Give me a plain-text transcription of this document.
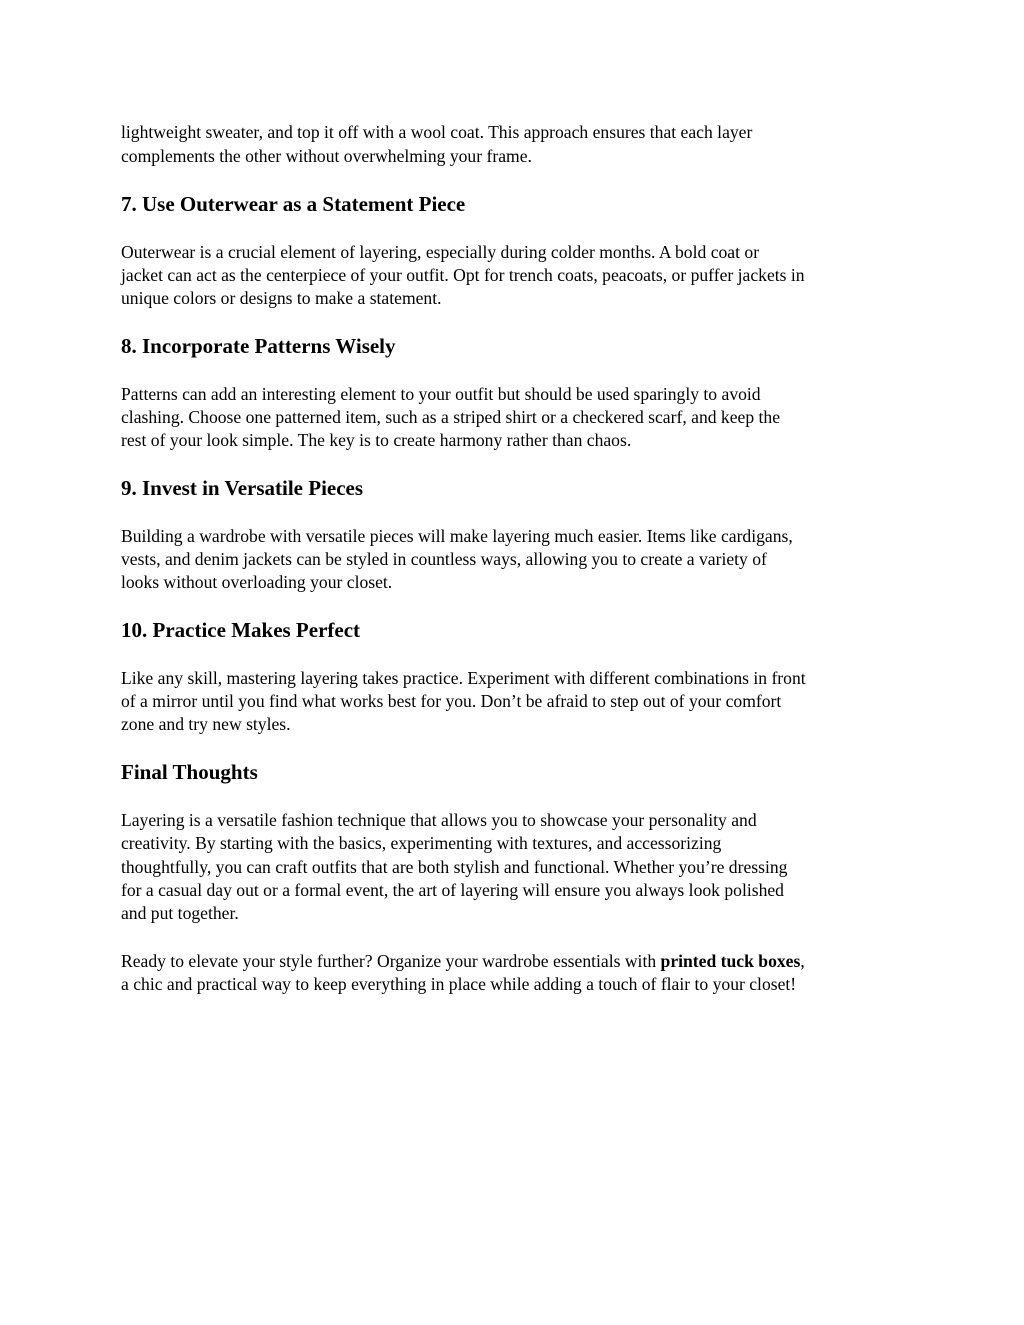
lightweight sweater, and top it off with a wool coat. This approach ensures that each layer

complements the other without overwhelming your frame.

7. Use Outerwear as a Statement Piece

Outerwear is a crucial element of layering, especially during colder months. A bold coat or

jacket can act as the centerpiece of your outfit. Opt for trench coats, peacoats, or puffer jackets in

unique colors or designs to make a statement.

8. Incorporate Patterns Wisely

Patterns can add an interesting element to your outfit but should be used sparingly to avoid

clashing. Choose one patterned item, such as a striped shirt or a checkered scarf, and keep the

rest of your look simple. The key is to create harmony rather than chaos.

9. Invest in Versatile Pieces

Building a wardrobe with versatile pieces will make layering much easier. Items like cardigans,

vests, and denim jackets can be styled in countless ways, allowing you to create a variety of

looks without overloading your closet.

10. Practice Makes Perfect

Like any skill, mastering layering takes practice. Experiment with different combinations in front

of a mirror until you find what works best for you. Don’t be afraid to step out of your comfort

zone and try new styles.

Final Thoughts

Layering is a versatile fashion technique that allows you to showcase your personality and

creativity. By starting with the basics, experimenting with textures, and accessorizing

thoughtfully, you can craft outfits that are both stylish and functional. Whether you’re dressing

for a casual day out or a formal event, the art of layering will ensure you always look polished

and put together.

Ready to elevate your style further? Organize your wardrobe essentials with printed tuck boxes,

a chic and practical way to keep everything in place while adding a touch of flair to your closet!
